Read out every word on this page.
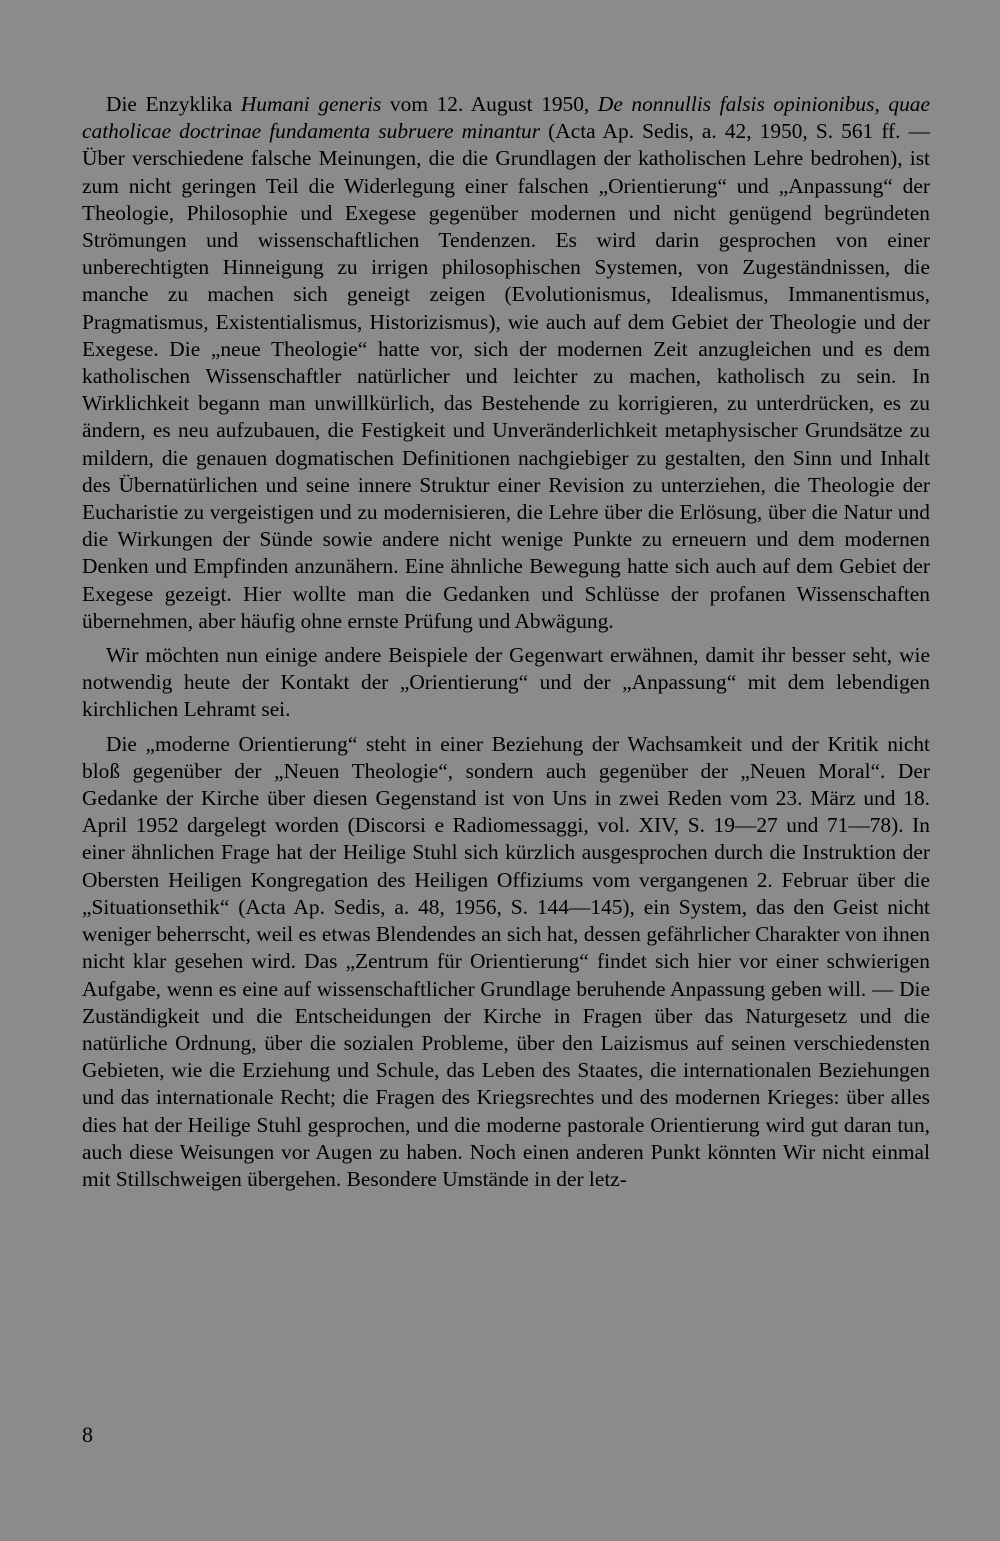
Die Enzyklika Humani generis vom 12. August 1950, De nonnullis falsis opinionibus, quae catholicae doctrinae fundamenta subruere minantur (Acta Ap. Sedis, a. 42, 1950, S. 561 ff. — Über verschiedene falsche Meinungen, die die Grundlagen der katholischen Lehre bedrohen), ist zum nicht geringen Teil die Widerlegung einer falschen „Orientierung“ und „Anpassung“ der Theologie, Philosophie und Exegese gegenüber modernen und nicht genügend begründeten Strömungen und wissenschaftlichen Tendenzen. Es wird darin gesprochen von einer unberechtigten Hinneigung zu irrigen philosophischen Systemen, von Zugeständnissen, die manche zu machen sich geneigt zeigen (Evolutionismus, Idealismus, Immanentismus, Pragmatismus, Existentialismus, Historizismus), wie auch auf dem Gebiet der Theologie und der Exegese. Die „neue Theologie“ hatte vor, sich der modernen Zeit anzugleichen und es dem katholischen Wissenschaftler natürlicher und leichter zu machen, katholisch zu sein. In Wirklichkeit begann man unwillkürlich, das Bestehende zu korrigieren, zu unterdrücken, es zu ändern, es neu aufzubauen, die Festigkeit und Unveränderlichkeit metaphysischer Grundsätze zu mildern, die genauen dogmatischen Definitionen nachgiebiger zu gestalten, den Sinn und Inhalt des Übernatürlichen und seine innere Struktur einer Revision zu unterziehen, die Theologie der Eucharistie zu vergeistigen und zu modernisieren, die Lehre über die Erlösung, über die Natur und die Wirkungen der Sünde sowie andere nicht wenige Punkte zu erneuern und dem modernen Denken und Empfinden anzunähern. Eine ähnliche Bewegung hatte sich auch auf dem Gebiet der Exegese gezeigt. Hier wollte man die Gedanken und Schlüsse der profanen Wissenschaften übernehmen, aber häufig ohne ernste Prüfung und Abwägung.

Wir möchten nun einige andere Beispiele der Gegenwart erwähnen, damit ihr besser seht, wie notwendig heute der Kontakt der „Orientierung“ und der „Anpassung“ mit dem lebendigen kirchlichen Lehramt sei.

Die „moderne Orientierung“ steht in einer Beziehung der Wachsamkeit und der Kritik nicht bloß gegenüber der „Neuen Theologie“, sondern auch gegenüber der „Neuen Moral“. Der Gedanke der Kirche über diesen Gegenstand ist von Uns in zwei Reden vom 23. März und 18. April 1952 dargelegt worden (Discorsi e Radiomessaggi, vol. XIV, S. 19—27 und 71—78). In einer ähnlichen Frage hat der Heilige Stuhl sich kürzlich ausgesprochen durch die Instruktion der Obersten Heiligen Kongregation des Heiligen Offiziums vom vergangenen 2. Februar über die „Situationsethik“ (Acta Ap. Sedis, a. 48, 1956, S. 144—145), ein System, das den Geist nicht weniger beherrscht, weil es etwas Blendendes an sich hat, dessen gefährlicher Charakter von ihnen nicht klar gesehen wird. Das „Zentrum für Orientierung“ findet sich hier vor einer schwierigen Aufgabe, wenn es eine auf wissenschaftlicher Grundlage beruhende Anpassung geben will. — Die Zuständigkeit und die Entscheidungen der Kirche in Fragen über das Naturgesetz und die natürliche Ordnung, über die sozialen Probleme, über den Laizismus auf seinen verschiedensten Gebieten, wie die Erziehung und Schule, das Leben des Staates, die internationalen Beziehungen und das internationale Recht; die Fragen des Kriegsrechtes und des modernen Krieges: über alles dies hat der Heilige Stuhl gesprochen, und die moderne pastorale Orientierung wird gut daran tun, auch diese Weisungen vor Augen zu haben. Noch einen anderen Punkt könnten Wir nicht einmal mit Stillschweigen übergehen. Besondere Umstände in der letz-

8
